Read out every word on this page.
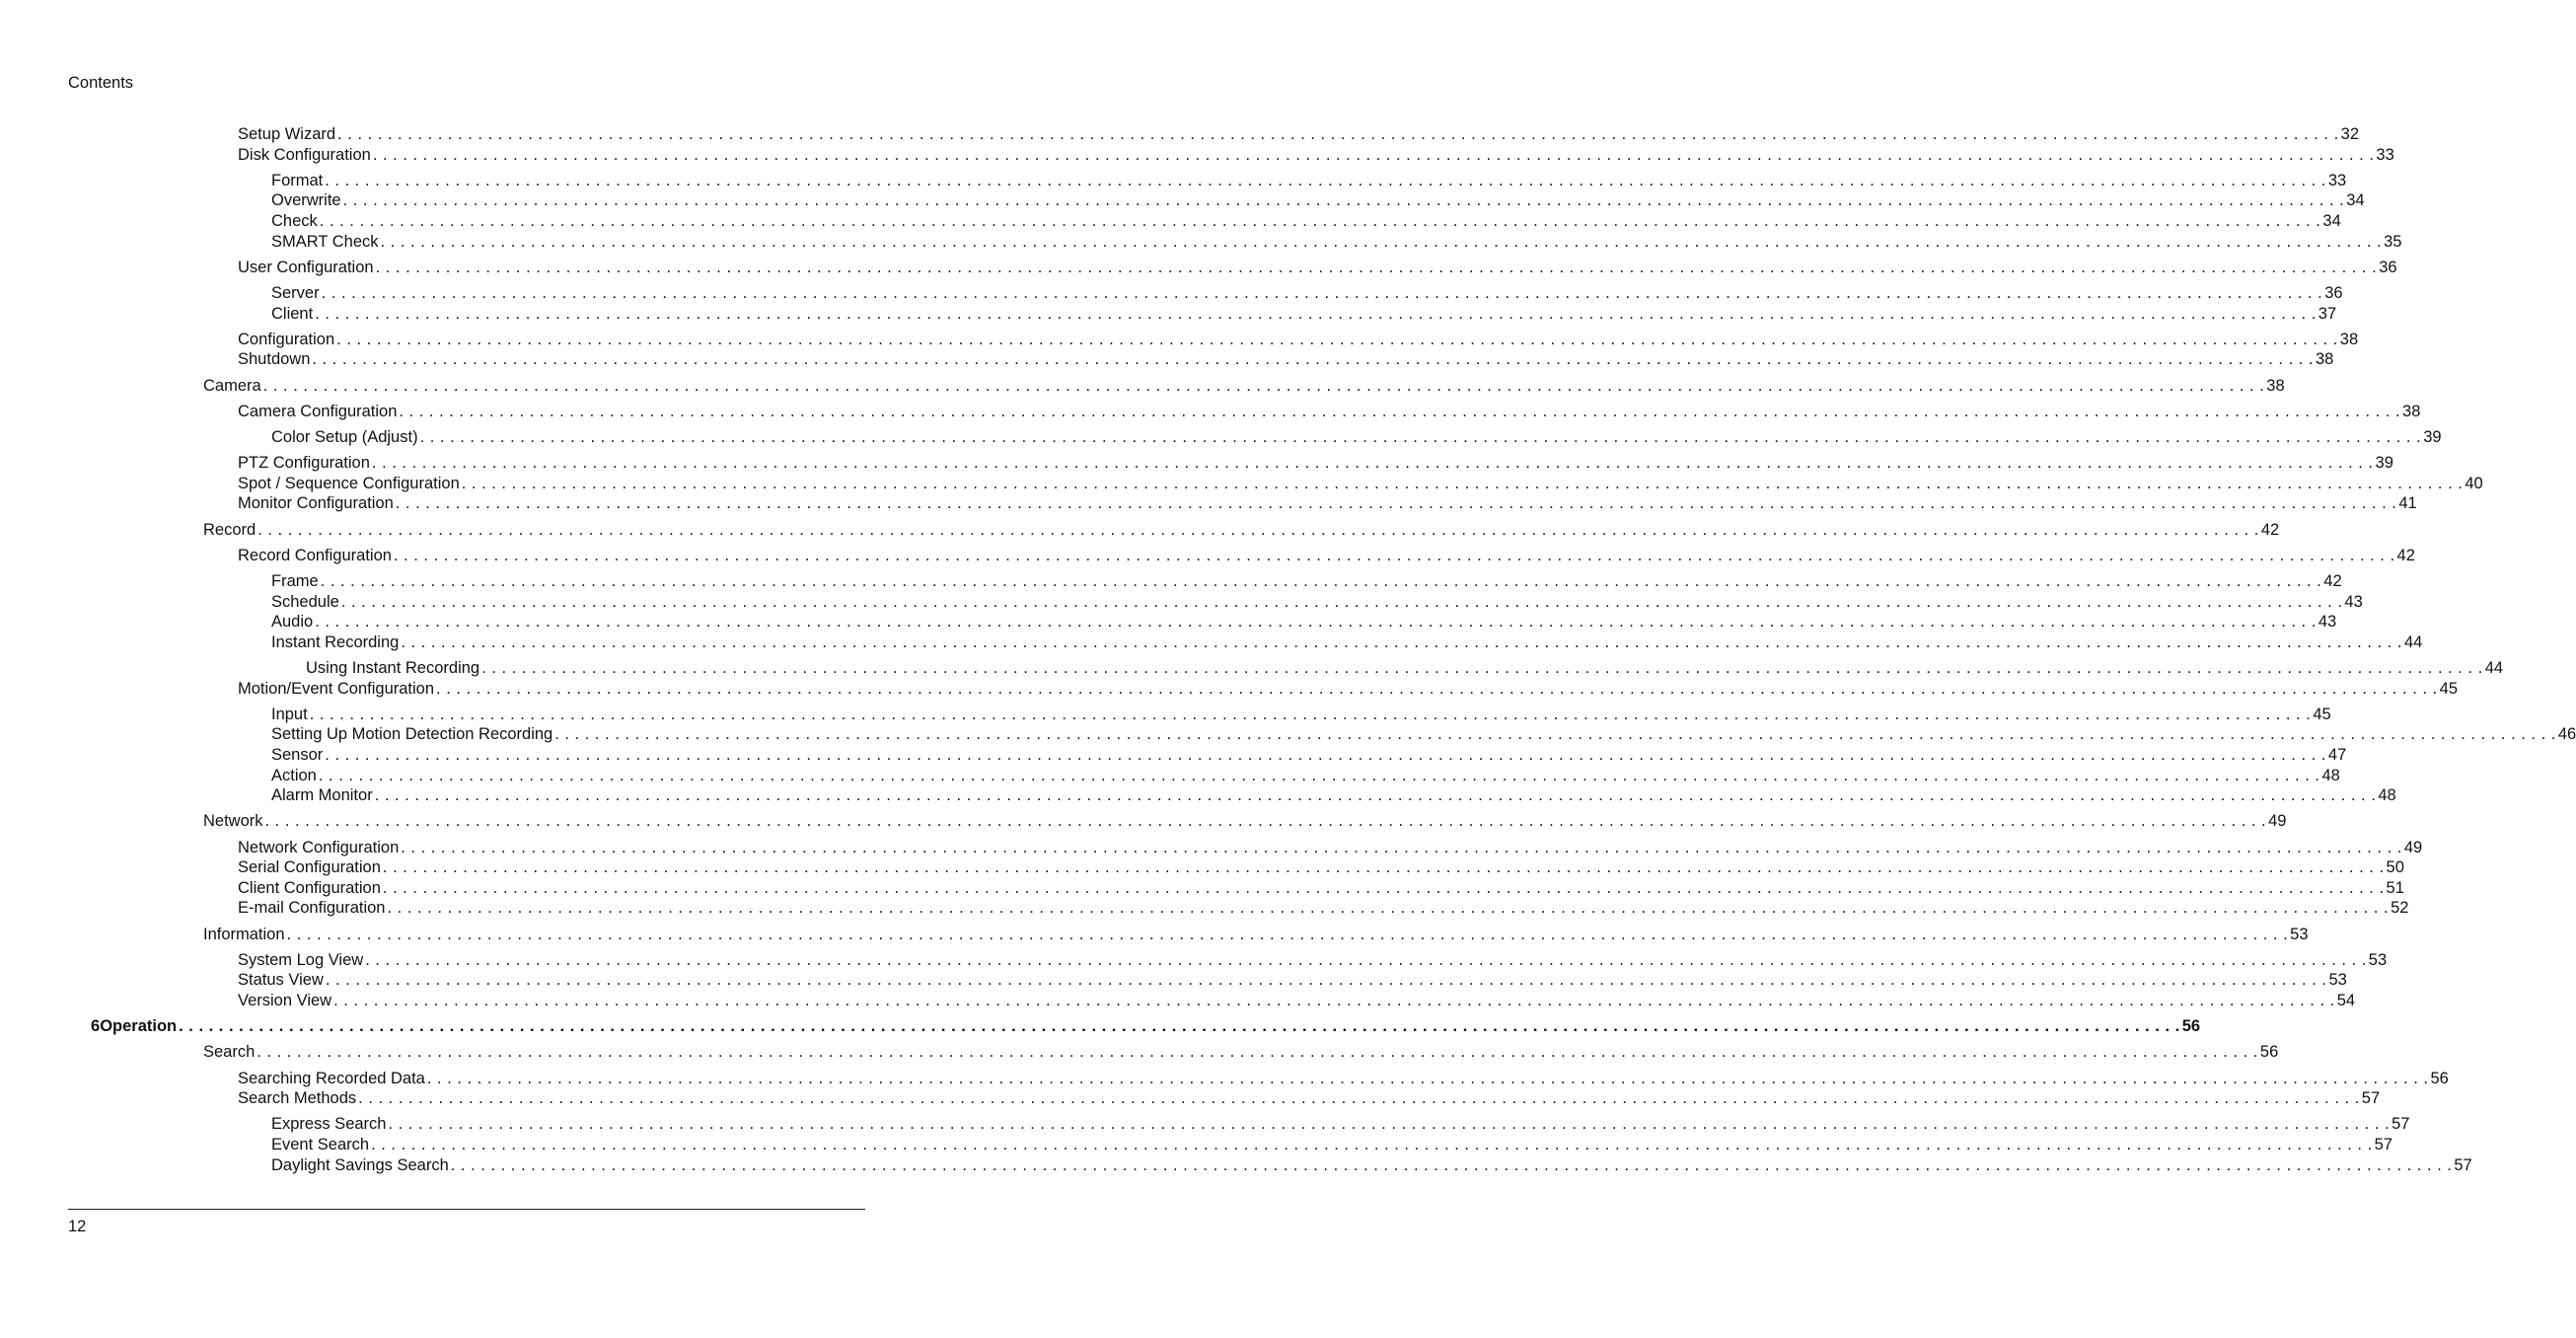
Contents
Setup Wizard . . . . . . . . . . . . . . . . . . . . . . . . . . . . . . . . . . . . . . . . . . . . . . . . . . . . . . . . . . . . . . . . . . . . . . . . . . . . . . . . . . . . . . . . . . . . . . . . . . . . . . . . . . . . . . . . . . . . . . . . . . . . . . . . . . . . . . . . . . . . . . . . . . . . . . . . . . . . . . . . . . . . . . . . . . . . . . . . . . . . . . . . . . . . . . . . . . . . . . . . 32
Disk Configuration . . . . . . . . . . . . . . . . . . . . . . . . . . . . . . . . . . . . . . . . . . . . . . . . . . . . . . . . . . . . . . . . . . . . . . . . . . . . . . . . . . . . . . . . . . . . . . . . . . . . . . . . . . . . . . . . . . . . . . . . . . . . . . . . . . . . . . . . . . . . . . . . . . . . . . . . . . . . . . . . . . . . . . . . . . . . . . . . . . . . . . . . . . . . . . . . . . . . . . . . 33
Format . . . . . . . . . . . . . . . . . . . . . . . . . . . . . . . . . . . . . . . . . . . . . . . . . . . . . . . . . . . . . . . . . . . . . . . . . . . . . . . . . . . . . . . . . . . . . . . . . . . . . . . . . . . . . . . . . . . . . . . . . . . . . . . . . . . . . . . . . . . . . . . . . . . . . . . . . . . . . . . . . . . . . . . . . . . . . . . . . . . . . . . . . . . . . . . . . . . . . . . . 33
Overwrite . . . . . . . . . . . . . . . . . . . . . . . . . . . . . . . . . . . . . . . . . . . . . . . . . . . . . . . . . . . . . . . . . . . . . . . . . . . . . . . . . . . . . . . . . . . . . . . . . . . . . . . . . . . . . . . . . . . . . . . . . . . . . . . . . . . . . . . . . . . . . . . . . . . . . . . . . . . . . . . . . . . . . . . . . . . . . . . . . . . . . . . . . . . . . . . . . . . . . . . . 34
Check . . . . . . . . . . . . . . . . . . . . . . . . . . . . . . . . . . . . . . . . . . . . . . . . . . . . . . . . . . . . . . . . . . . . . . . . . . . . . . . . . . . . . . . . . . . . . . . . . . . . . . . . . . . . . . . . . . . . . . . . . . . . . . . . . . . . . . . . . . . . . . . . . . . . . . . . . . . . . . . . . . . . . . . . . . . . . . . . . . . . . . . . . . . . . . . . . . . . . . . . 34
SMART Check . . . . . . . . . . . . . . . . . . . . . . . . . . . . . . . . . . . . . . . . . . . . . . . . . . . . . . . . . . . . . . . . . . . . . . . . . . . . . . . . . . . . . . . . . . . . . . . . . . . . . . . . . . . . . . . . . . . . . . . . . . . . . . . . . . . . . . . . . . . . . . . . . . . . . . . . . . . . . . . . . . . . . . . . . . . . . . . . . . . . . . . . . . . . . . . . . . . . . . . . 35
User Configuration . . . . . . . . . . . . . . . . . . . . . . . . . . . . . . . . . . . . . . . . . . . . . . . . . . . . . . . . . . . . . . . . . . . . . . . . . . . . . . . . . . . . . . . . . . . . . . . . . . . . . . . . . . . . . . . . . . . . . . . . . . . . . . . . . . . . . . . . . . . . . . . . . . . . . . . . . . . . . . . . . . . . . . . . . . . . . . . . . . . . . . . . . . . . . . . . . . . . . . . . 36
Server . . . . . . . . . . . . . . . . . . . . . . . . . . . . . . . . . . . . . . . . . . . . . . . . . . . . . . . . . . . . . . . . . . . . . . . . . . . . . . . . . . . . . . . . . . . . . . . . . . . . . . . . . . . . . . . . . . . . . . . . . . . . . . . . . . . . . . . . . . . . . . . . . . . . . . . . . . . . . . . . . . . . . . . . . . . . . . . . . . . . . . . . . . . . . . . . . . . . . . . . 36
Client . . . . . . . . . . . . . . . . . . . . . . . . . . . . . . . . . . . . . . . . . . . . . . . . . . . . . . . . . . . . . . . . . . . . . . . . . . . . . . . . . . . . . . . . . . . . . . . . . . . . . . . . . . . . . . . . . . . . . . . . . . . . . . . . . . . . . . . . . . . . . . . . . . . . . . . . . . . . . . . . . . . . . . . . . . . . . . . . . . . . . . . . . . . . . . . . . . . . . . . . 37
Configuration . . . . . . . . . . . . . . . . . . . . . . . . . . . . . . . . . . . . . . . . . . . . . . . . . . . . . . . . . . . . . . . . . . . . . . . . . . . . . . . . . . . . . . . . . . . . . . . . . . . . . . . . . . . . . . . . . . . . . . . . . . . . . . . . . . . . . . . . . . . . . . . . . . . . . . . . . . . . . . . . . . . . . . . . . . . . . . . . . . . . . . . . . . . . . . . . . . . . . . . . 38
Shutdown . . . . . . . . . . . . . . . . . . . . . . . . . . . . . . . . . . . . . . . . . . . . . . . . . . . . . . . . . . . . . . . . . . . . . . . . . . . . . . . . . . . . . . . . . . . . . . . . . . . . . . . . . . . . . . . . . . . . . . . . . . . . . . . . . . . . . . . . . . . . . . . . . . . . . . . . . . . . . . . . . . . . . . . . . . . . . . . . . . . . . . . . . . . . . . . . . . . . . . . . 38
Camera . . . . . . . . . . . . . . . . . . . . . . . . . . . . . . . . . . . . . . . . . . . . . . . . . . . . . . . . . . . . . . . . . . . . . . . . . . . . . . . . . . . . . . . . . . . . . . . . . . . . . . . . . . . . . . . . . . . . . . . . . . . . . . . . . . . . . . . . . . . . . . . . . . . . . . . . . . . . . . . . . . . . . . . . . . . . . . . . . . . . . . . . . . . . . . . . . . . . . . . . 38
Camera Configuration . . . . . . . . . . . . . . . . . . . . . . . . . . . . . . . . . . . . . . . . . . . . . . . . . . . . . . . . . . . . . . . . . . . . . . . . . . . . . . . . . . . . . . . . . . . . . . . . . . . . . . . . . . . . . . . . . . . . . . . . . . . . . . . . . . . . . . . . . . . . . . . . . . . . . . . . . . . . . . . . . . . . . . . . . . . . . . . . . . . . . . . . . . . . . . . . . . . . . . . . 38
Color Setup (Adjust) . . . . . . . . . . . . . . . . . . . . . . . . . . . . . . . . . . . . . . . . . . . . . . . . . . . . . . . . . . . . . . . . . . . . . . . . . . . . . . . . . . . . . . . . . . . . . . . . . . . . . . . . . . . . . . . . . . . . . . . . . . . . . . . . . . . . . . . . . . . . . . . . . . . . . . . . . . . . . . . . . . . . . . . . . . . . . . . . . . . . . . . . . . . . . . . . . . . . . . . . 39
PTZ Configuration . . . . . . . . . . . . . . . . . . . . . . . . . . . . . . . . . . . . . . . . . . . . . . . . . . . . . . . . . . . . . . . . . . . . . . . . . . . . . . . . . . . . . . . . . . . . . . . . . . . . . . . . . . . . . . . . . . . . . . . . . . . . . . . . . . . . . . . . . . . . . . . . . . . . . . . . . . . . . . . . . . . . . . . . . . . . . . . . . . . . . . . . . . . . . . . . . . . . . . . . 39
Spot / Sequence Configuration . . . . . . . . . . . . . . . . . . . . . . . . . . . . . . . . . . . . . . . . . . . . . . . . . . . . . . . . . . . . . . . . . . . . . . . . . . . . . . . . . . . . . . . . . . . . . . . . . . . . . . . . . . . . . . . . . . . . . . . . . . . . . . . . . . . . . . . . . . . . . . . . . . . . . . . . . . . . . . . . . . . . . . . . . . . . . . . . . . . . . . . . . . . . . . . . . . . . . . . . 40
Monitor Configuration . . . . . . . . . . . . . . . . . . . . . . . . . . . . . . . . . . . . . . . . . . . . . . . . . . . . . . . . . . . . . . . . . . . . . . . . . . . . . . . . . . . . . . . . . . . . . . . . . . . . . . . . . . . . . . . . . . . . . . . . . . . . . . . . . . . . . . . . . . . . . . . . . . . . . . . . . . . . . . . . . . . . . . . . . . . . . . . . . . . . . . . . . . . . . . . . . . . . . . . . 41
Record . . . . . . . . . . . . . . . . . . . . . . . . . . . . . . . . . . . . . . . . . . . . . . . . . . . . . . . . . . . . . . . . . . . . . . . . . . . . . . . . . . . . . . . . . . . . . . . . . . . . . . . . . . . . . . . . . . . . . . . . . . . . . . . . . . . . . . . . . . . . . . . . . . . . . . . . . . . . . . . . . . . . . . . . . . . . . . . . . . . . . . . . . . . . . . . . . . . . . . . . 42
Record Configuration . . . . . . . . . . . . . . . . . . . . . . . . . . . . . . . . . . . . . . . . . . . . . . . . . . . . . . . . . . . . . . . . . . . . . . . . . . . . . . . . . . . . . . . . . . . . . . . . . . . . . . . . . . . . . . . . . . . . . . . . . . . . . . . . . . . . . . . . . . . . . . . . . . . . . . . . . . . . . . . . . . . . . . . . . . . . . . . . . . . . . . . . . . . . . . . . . . . . . . . . 42
Frame . . . . . . . . . . . . . . . . . . . . . . . . . . . . . . . . . . . . . . . . . . . . . . . . . . . . . . . . . . . . . . . . . . . . . . . . . . . . . . . . . . . . . . . . . . . . . . . . . . . . . . . . . . . . . . . . . . . . . . . . . . . . . . . . . . . . . . . . . . . . . . . . . . . . . . . . . . . . . . . . . . . . . . . . . . . . . . . . . . . . . . . . . . . . . . . . . . . . . . . . 42
Schedule . . . . . . . . . . . . . . . . . . . . . . . . . . . . . . . . . . . . . . . . . . . . . . . . . . . . . . . . . . . . . . . . . . . . . . . . . . . . . . . . . . . . . . . . . . . . . . . . . . . . . . . . . . . . . . . . . . . . . . . . . . . . . . . . . . . . . . . . . . . . . . . . . . . . . . . . . . . . . . . . . . . . . . . . . . . . . . . . . . . . . . . . . . . . . . . . . . . . . . . . 43
Audio . . . . . . . . . . . . . . . . . . . . . . . . . . . . . . . . . . . . . . . . . . . . . . . . . . . . . . . . . . . . . . . . . . . . . . . . . . . . . . . . . . . . . . . . . . . . . . . . . . . . . . . . . . . . . . . . . . . . . . . . . . . . . . . . . . . . . . . . . . . . . . . . . . . . . . . . . . . . . . . . . . . . . . . . . . . . . . . . . . . . . . . . . . . . . . . . . . . . . . . . 43
Instant Recording . . . . . . . . . . . . . . . . . . . . . . . . . . . . . . . . . . . . . . . . . . . . . . . . . . . . . . . . . . . . . . . . . . . . . . . . . . . . . . . . . . . . . . . . . . . . . . . . . . . . . . . . . . . . . . . . . . . . . . . . . . . . . . . . . . . . . . . . . . . . . . . . . . . . . . . . . . . . . . . . . . . . . . . . . . . . . . . . . . . . . . . . . . . . . . . . . . . . . . . . 44
Using Instant Recording . . . . . . . . . . . . . . . . . . . . . . . . . . . . . . . . . . . . . . . . . . . . . . . . . . . . . . . . . . . . . . . . . . . . . . . . . . . . . . . . . . . . . . . . . . . . . . . . . . . . . . . . . . . . . . . . . . . . . . . . . . . . . . . . . . . . . . . . . . . . . . . . . . . . . . . . . . . . . . . . . . . . . . . . . . . . . . . . . . . . . . . . . . . . . . . . . . . . . . . . 44
Motion/Event Configuration . . . . . . . . . . . . . . . . . . . . . . . . . . . . . . . . . . . . . . . . . . . . . . . . . . . . . . . . . . . . . . . . . . . . . . . . . . . . . . . . . . . . . . . . . . . . . . . . . . . . . . . . . . . . . . . . . . . . . . . . . . . . . . . . . . . . . . . . . . . . . . . . . . . . . . . . . . . . . . . . . . . . . . . . . . . . . . . . . . . . . . . . . . . . . . . . . . . . . . . . 45
Input . . . . . . . . . . . . . . . . . . . . . . . . . . . . . . . . . . . . . . . . . . . . . . . . . . . . . . . . . . . . . . . . . . . . . . . . . . . . . . . . . . . . . . . . . . . . . . . . . . . . . . . . . . . . . . . . . . . . . . . . . . . . . . . . . . . . . . . . . . . . . . . . . . . . . . . . . . . . . . . . . . . . . . . . . . . . . . . . . . . . . . . . . . . . . . . . . . . . . . . . 45
Setting Up Motion Detection Recording . . . . . . . . . . . . . . . . . . . . . . . . . . . . . . . . . . . . . . . . . . . . . . . . . . . . . . . . . . . . . . . . . . . . . . . . . . . . . . . . . . . . . . . . . . . . . . . . . . . . . . . . . . . . . . . . . . . . . . . . . . . . . . . . . . . . . . . . . . . . . . . . . . . . . . . . . . . . . . . . . . . . . . . . . . . . . . . . . . . . . . . . . . . . . . . . . . . . . . . . 46
Sensor . . . . . . . . . . . . . . . . . . . . . . . . . . . . . . . . . . . . . . . . . . . . . . . . . . . . . . . . . . . . . . . . . . . . . . . . . . . . . . . . . . . . . . . . . . . . . . . . . . . . . . . . . . . . . . . . . . . . . . . . . . . . . . . . . . . . . . . . . . . . . . . . . . . . . . . . . . . . . . . . . . . . . . . . . . . . . . . . . . . . . . . . . . . . . . . . . . . . . . . . 47
Action . . . . . . . . . . . . . . . . . . . . . . . . . . . . . . . . . . . . . . . . . . . . . . . . . . . . . . . . . . . . . . . . . . . . . . . . . . . . . . . . . . . . . . . . . . . . . . . . . . . . . . . . . . . . . . . . . . . . . . . . . . . . . . . . . . . . . . . . . . . . . . . . . . . . . . . . . . . . . . . . . . . . . . . . . . . . . . . . . . . . . . . . . . . . . . . . . . . . . . . . 48
Alarm Monitor . . . . . . . . . . . . . . . . . . . . . . . . . . . . . . . . . . . . . . . . . . . . . . . . . . . . . . . . . . . . . . . . . . . . . . . . . . . . . . . . . . . . . . . . . . . . . . . . . . . . . . . . . . . . . . . . . . . . . . . . . . . . . . . . . . . . . . . . . . . . . . . . . . . . . . . . . . . . . . . . . . . . . . . . . . . . . . . . . . . . . . . . . . . . . . . . . . . . . . . . 48
Network . . . . . . . . . . . . . . . . . . . . . . . . . . . . . . . . . . . . . . . . . . . . . . . . . . . . . . . . . . . . . . . . . . . . . . . . . . . . . . . . . . . . . . . . . . . . . . . . . . . . . . . . . . . . . . . . . . . . . . . . . . . . . . . . . . . . . . . . . . . . . . . . . . . . . . . . . . . . . . . . . . . . . . . . . . . . . . . . . . . . . . . . . . . . . . . . . . . . . . . . 49
Network Configuration . . . . . . . . . . . . . . . . . . . . . . . . . . . . . . . . . . . . . . . . . . . . . . . . . . . . . . . . . . . . . . . . . . . . . . . . . . . . . . . . . . . . . . . . . . . . . . . . . . . . . . . . . . . . . . . . . . . . . . . . . . . . . . . . . . . . . . . . . . . . . . . . . . . . . . . . . . . . . . . . . . . . . . . . . . . . . . . . . . . . . . . . . . . . . . . . . . . . . . . . 49
Serial Configuration . . . . . . . . . . . . . . . . . . . . . . . . . . . . . . . . . . . . . . . . . . . . . . . . . . . . . . . . . . . . . . . . . . . . . . . . . . . . . . . . . . . . . . . . . . . . . . . . . . . . . . . . . . . . . . . . . . . . . . . . . . . . . . . . . . . . . . . . . . . . . . . . . . . . . . . . . . . . . . . . . . . . . . . . . . . . . . . . . . . . . . . . . . . . . . . . . . . . . . . . 50
Client Configuration . . . . . . . . . . . . . . . . . . . . . . . . . . . . . . . . . . . . . . . . . . . . . . . . . . . . . . . . . . . . . . . . . . . . . . . . . . . . . . . . . . . . . . . . . . . . . . . . . . . . . . . . . . . . . . . . . . . . . . . . . . . . . . . . . . . . . . . . . . . . . . . . . . . . . . . . . . . . . . . . . . . . . . . . . . . . . . . . . . . . . . . . . . . . . . . . . . . . . . . . 51
E-mail Configuration . . . . . . . . . . . . . . . . . . . . . . . . . . . . . . . . . . . . . . . . . . . . . . . . . . . . . . . . . . . . . . . . . . . . . . . . . . . . . . . . . . . . . . . . . . . . . . . . . . . . . . . . . . . . . . . . . . . . . . . . . . . . . . . . . . . . . . . . . . . . . . . . . . . . . . . . . . . . . . . . . . . . . . . . . . . . . . . . . . . . . . . . . . . . . . . . . . . . . . . . 52
Information . . . . . . . . . . . . . . . . . . . . . . . . . . . . . . . . . . . . . . . . . . . . . . . . . . . . . . . . . . . . . . . . . . . . . . . . . . . . . . . . . . . . . . . . . . . . . . . . . . . . . . . . . . . . . . . . . . . . . . . . . . . . . . . . . . . . . . . . . . . . . . . . . . . . . . . . . . . . . . . . . . . . . . . . . . . . . . . . . . . . . . . . . . . . . . . . . . . . . . . . 53
System Log View . . . . . . . . . . . . . . . . . . . . . . . . . . . . . . . . . . . . . . . . . . . . . . . . . . . . . . . . . . . . . . . . . . . . . . . . . . . . . . . . . . . . . . . . . . . . . . . . . . . . . . . . . . . . . . . . . . . . . . . . . . . . . . . . . . . . . . . . . . . . . . . . . . . . . . . . . . . . . . . . . . . . . . . . . . . . . . . . . . . . . . . . . . . . . . . . . . . . . . . . 53
Status View . . . . . . . . . . . . . . . . . . . . . . . . . . . . . . . . . . . . . . . . . . . . . . . . . . . . . . . . . . . . . . . . . . . . . . . . . . . . . . . . . . . . . . . . . . . . . . . . . . . . . . . . . . . . . . . . . . . . . . . . . . . . . . . . . . . . . . . . . . . . . . . . . . . . . . . . . . . . . . . . . . . . . . . . . . . . . . . . . . . . . . . . . . . . . . . . . . . . . . . . 53
Version View . . . . . . . . . . . . . . . . . . . . . . . . . . . . . . . . . . . . . . . . . . . . . . . . . . . . . . . . . . . . . . . . . . . . . . . . . . . . . . . . . . . . . . . . . . . . . . . . . . . . . . . . . . . . . . . . . . . . . . . . . . . . . . . . . . . . . . . . . . . . . . . . . . . . . . . . . . . . . . . . . . . . . . . . . . . . . . . . . . . . . . . . . . . . . . . . . . . . . . . . 54
6 Operation . . . . . . . . . . . . . . . . . . . . . . . . . . . . . . . . . . . . . . . . . . . . . . . . . . . . . . . . . . . . . . . . . . . . . . . . . . . . . . . . . . . . . . . . . . . . . . . . . . . . . . . . . . . . . . . . . . . . . . . . . . . . . . . . . . . . . . . . . . . . . . . . . . . . . . . . . . . . . . . . . . . . . . . . . . . . . . . . . . . . . . . . . . . . . . . . . . . . . . . . 56
Search . . . . . . . . . . . . . . . . . . . . . . . . . . . . . . . . . . . . . . . . . . . . . . . . . . . . . . . . . . . . . . . . . . . . . . . . . . . . . . . . . . . . . . . . . . . . . . . . . . . . . . . . . . . . . . . . . . . . . . . . . . . . . . . . . . . . . . . . . . . . . . . . . . . . . . . . . . . . . . . . . . . . . . . . . . . . . . . . . . . . . . . . . . . . . . . . . . . . . . . . 56
Searching Recorded Data . . . . . . . . . . . . . . . . . . . . . . . . . . . . . . . . . . . . . . . . . . . . . . . . . . . . . . . . . . . . . . . . . . . . . . . . . . . . . . . . . . . . . . . . . . . . . . . . . . . . . . . . . . . . . . . . . . . . . . . . . . . . . . . . . . . . . . . . . . . . . . . . . . . . . . . . . . . . . . . . . . . . . . . . . . . . . . . . . . . . . . . . . . . . . . . . . . . . . . . . 56
Search Methods . . . . . . . . . . . . . . . . . . . . . . . . . . . . . . . . . . . . . . . . . . . . . . . . . . . . . . . . . . . . . . . . . . . . . . . . . . . . . . . . . . . . . . . . . . . . . . . . . . . . . . . . . . . . . . . . . . . . . . . . . . . . . . . . . . . . . . . . . . . . . . . . . . . . . . . . . . . . . . . . . . . . . . . . . . . . . . . . . . . . . . . . . . . . . . . . . . . . . . . . 57
Express Search . . . . . . . . . . . . . . . . . . . . . . . . . . . . . . . . . . . . . . . . . . . . . . . . . . . . . . . . . . . . . . . . . . . . . . . . . . . . . . . . . . . . . . . . . . . . . . . . . . . . . . . . . . . . . . . . . . . . . . . . . . . . . . . . . . . . . . . . . . . . . . . . . . . . . . . . . . . . . . . . . . . . . . . . . . . . . . . . . . . . . . . . . . . . . . . . . . . . . . . . 57
Event Search . . . . . . . . . . . . . . . . . . . . . . . . . . . . . . . . . . . . . . . . . . . . . . . . . . . . . . . . . . . . . . . . . . . . . . . . . . . . . . . . . . . . . . . . . . . . . . . . . . . . . . . . . . . . . . . . . . . . . . . . . . . . . . . . . . . . . . . . . . . . . . . . . . . . . . . . . . . . . . . . . . . . . . . . . . . . . . . . . . . . . . . . . . . . . . . . . . . . . . . . 57
Daylight Savings Search . . . . . . . . . . . . . . . . . . . . . . . . . . . . . . . . . . . . . . . . . . . . . . . . . . . . . . . . . . . . . . . . . . . . . . . . . . . . . . . . . . . . . . . . . . . . . . . . . . . . . . . . . . . . . . . . . . . . . . . . . . . . . . . . . . . . . . . . . . . . . . . . . . . . . . . . . . . . . . . . . . . . . . . . . . . . . . . . . . . . . . . . . . . . . . . . . . . . . . . . 57
12
